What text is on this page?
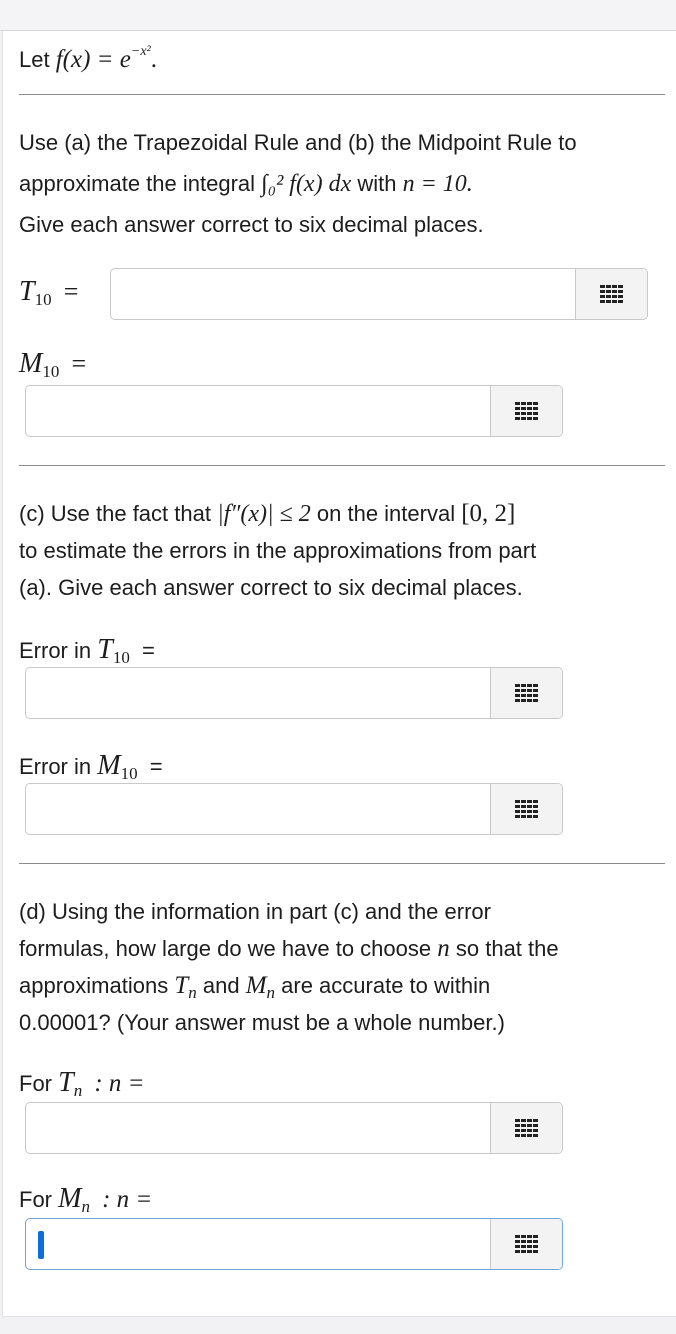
Let $f(x) = e^{-x^2}$.
Use (a) the Trapezoidal Rule and (b) the Midpoint Rule to
approximate the integral ∫₀² f(x) dx with n = 10.
Give each answer correct to six decimal places.
$T_{10}$ =
$M_{10}$ =
(c) Use the fact that |f″(x)| ≤ 2 on the interval [0, 2]
to estimate the errors in the approximations from part
(a). Give each answer correct to six decimal places.
Error in $T_{10}$ =
Error in $M_{10}$ =
(d) Using the information in part (c) and the error
formulas, how large do we have to choose n so that the
approximations $T_n$ and $M_n$ are accurate to within
0.00001? (Your answer must be a whole number.)
For $T_n$ : n =
For $M_n$ : n =
